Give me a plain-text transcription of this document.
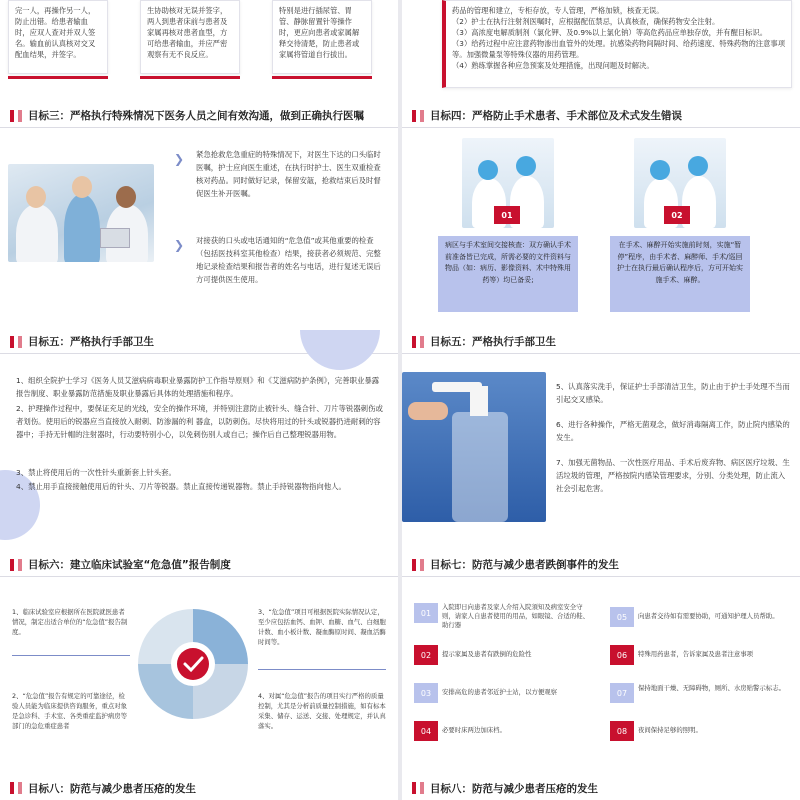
完一人，再操作另一人，防止出错。给患者输血时，应双人查对并双人签名。输血前认真核对交叉配血结果，并签字。
生协助核对无误并签字，两人到患者床前与患者及家属再核对患者血型，方可给患者输血，并应严密观察有无不良反应。
特别是进行插尿管、胃管、静脉留置针等操作时，更应向患者或家属解释交待清楚，防止患者或家属将管道自行拔出。
药品的管理和建立，专柜存放，专人管理，严格加锁，核查无误。
（2）护士在执行注射剂医嘱时，应根据配伍禁忌，认真核查，确保药物安全注射。
（3）高浓度电解质制剂（氯化钾、及0.9%以上氯化钠）等高危药品应单独存放，并有醒目标识。
（3）给药过程中应注意药物渗出血管外的处理。抗感染药物间隔时间、给药速度、特殊药物的注意事项等。加强微量泵等特殊仪器的用药管理。
（4）熟练掌握各种应急预案及处理措施，出现问题及时解决。
目标三：严格执行特殊情况下医务人员之间有效沟通，做到正确执行医嘱
❯ 紧急抢救危急重症的特殊情况下，对医生下达的口头临时医嘱，护士应向医生重述，在执行时护士、医生双重检查核对药品。同时做好记录，保留安瓿，抢救结束后及时督促医生补开医嘱。
❯ 对接获的口头或电话通知的“危急值”或其他重要的检查（包括医技科室其他检查）结果，接获者必须规范、完整地记录检查结果和报告者的姓名与电话，进行复述无误后方可提供医生使用。
目标四：严格防止手术患者、手术部位及术式发生错误
01
病区与手术室间交接核查：双方确认手术前准备皆已完成，所需必要的文件资料与物品（如：病历、影像资料、术中特殊用药等）均已备妥;
02
在手术、麻醉开始实施前时刻，实施“暂停”程序，由手术者、麻醉师、手术/巡回护士在执行最后确认程序后，方可开始实施手术、麻醉。
目标五：严格执行手部卫生
1、组织全院护士学习《医务人员艾滋病病毒职业暴露防护工作指导原则》和《艾滋病防护条例》，完善职业暴露报告制度、职业暴露防范措施及职业暴露后具体的处理措施和程序。
2、护理操作过程中，要保证充足的光线，安全的操作环境，并特别注意防止被针头、缝合针、刀片等锐器刺伤或者划伤。使用后的锐器应当直接放入耐刺、防渗漏的利 器盒，以防刺伤。尽快将用过的针头或锐器扔进耐刺的容器中；手持无针帽的注射器时，行动要特别小心，以免刺伤别人或自己；操作后自己整理锐器用物。
3、禁止将使用后的一次性针头重新套上针头套。
4、禁止用手直接接触使用后的针头、刀片等锐器。禁止直接传递锐器物。禁止手持锐器物指向他人。
目标五：严格执行手部卫生
5、认真落实洗手，保证护士手部清洁卫生，防止由于护士手处理不当而引起交叉感染。
6、进行各种操作，严格无菌观念，做好消毒隔离工作，防止院内感染的发生。
7、加强无菌物品、一次性医疗用品、手术后废弃物、病区医疗垃圾、生活垃圾的管理，严格按院内感染管理要求，分别、分类处理，防止流入社会引起危害。
目标六：建立临床试验室“危急值”报告制度
1、临床试验室应根据所在医院就医患者情况，制定出适合单位的“危急值”报告制度。
2、“危急值”报告有规定的可靠途径，检验人员能为临床提供咨询服务，重点对象是急诊科、手术室、各类重症监护病房等部门的急危重症患者
3、“危急值”项目可根据医院实际情况认定，至少应包括血钙、血钾、血糖、血气、白细胞计数、血小板计数、凝血酶原时间、凝血活酶时间等。
4、对属“危急值”报告的项目实行严格的质量控制，尤其是分析前质量控制措施，如有标本采集、储存、运送、交接、处理规定，并认真落实。
目标七：防范与减少患者跌倒事件的发生
01
入院即日向患者及家人介绍入院須知及病室安全守则，请家人自患者使用的用品，如眼镜、合适的鞋、助行器
02	提示家属及患者有跌倒的危险性
03	安排高危的患者邻近护士站，以方便观察
04	必要时床两边加床档。
05	向患者交待如有需要协助，可通知护理人员帮助。
06	特殊用药患者，告诉家属及患者注意事项
07
保持地面干燥、无障碍物，厕所、水房贴警示标志。
08	夜间保持足够的照明。
目标八：防范与减少患者压疮的发生	目标八：防范与减少患者压疮的发生
